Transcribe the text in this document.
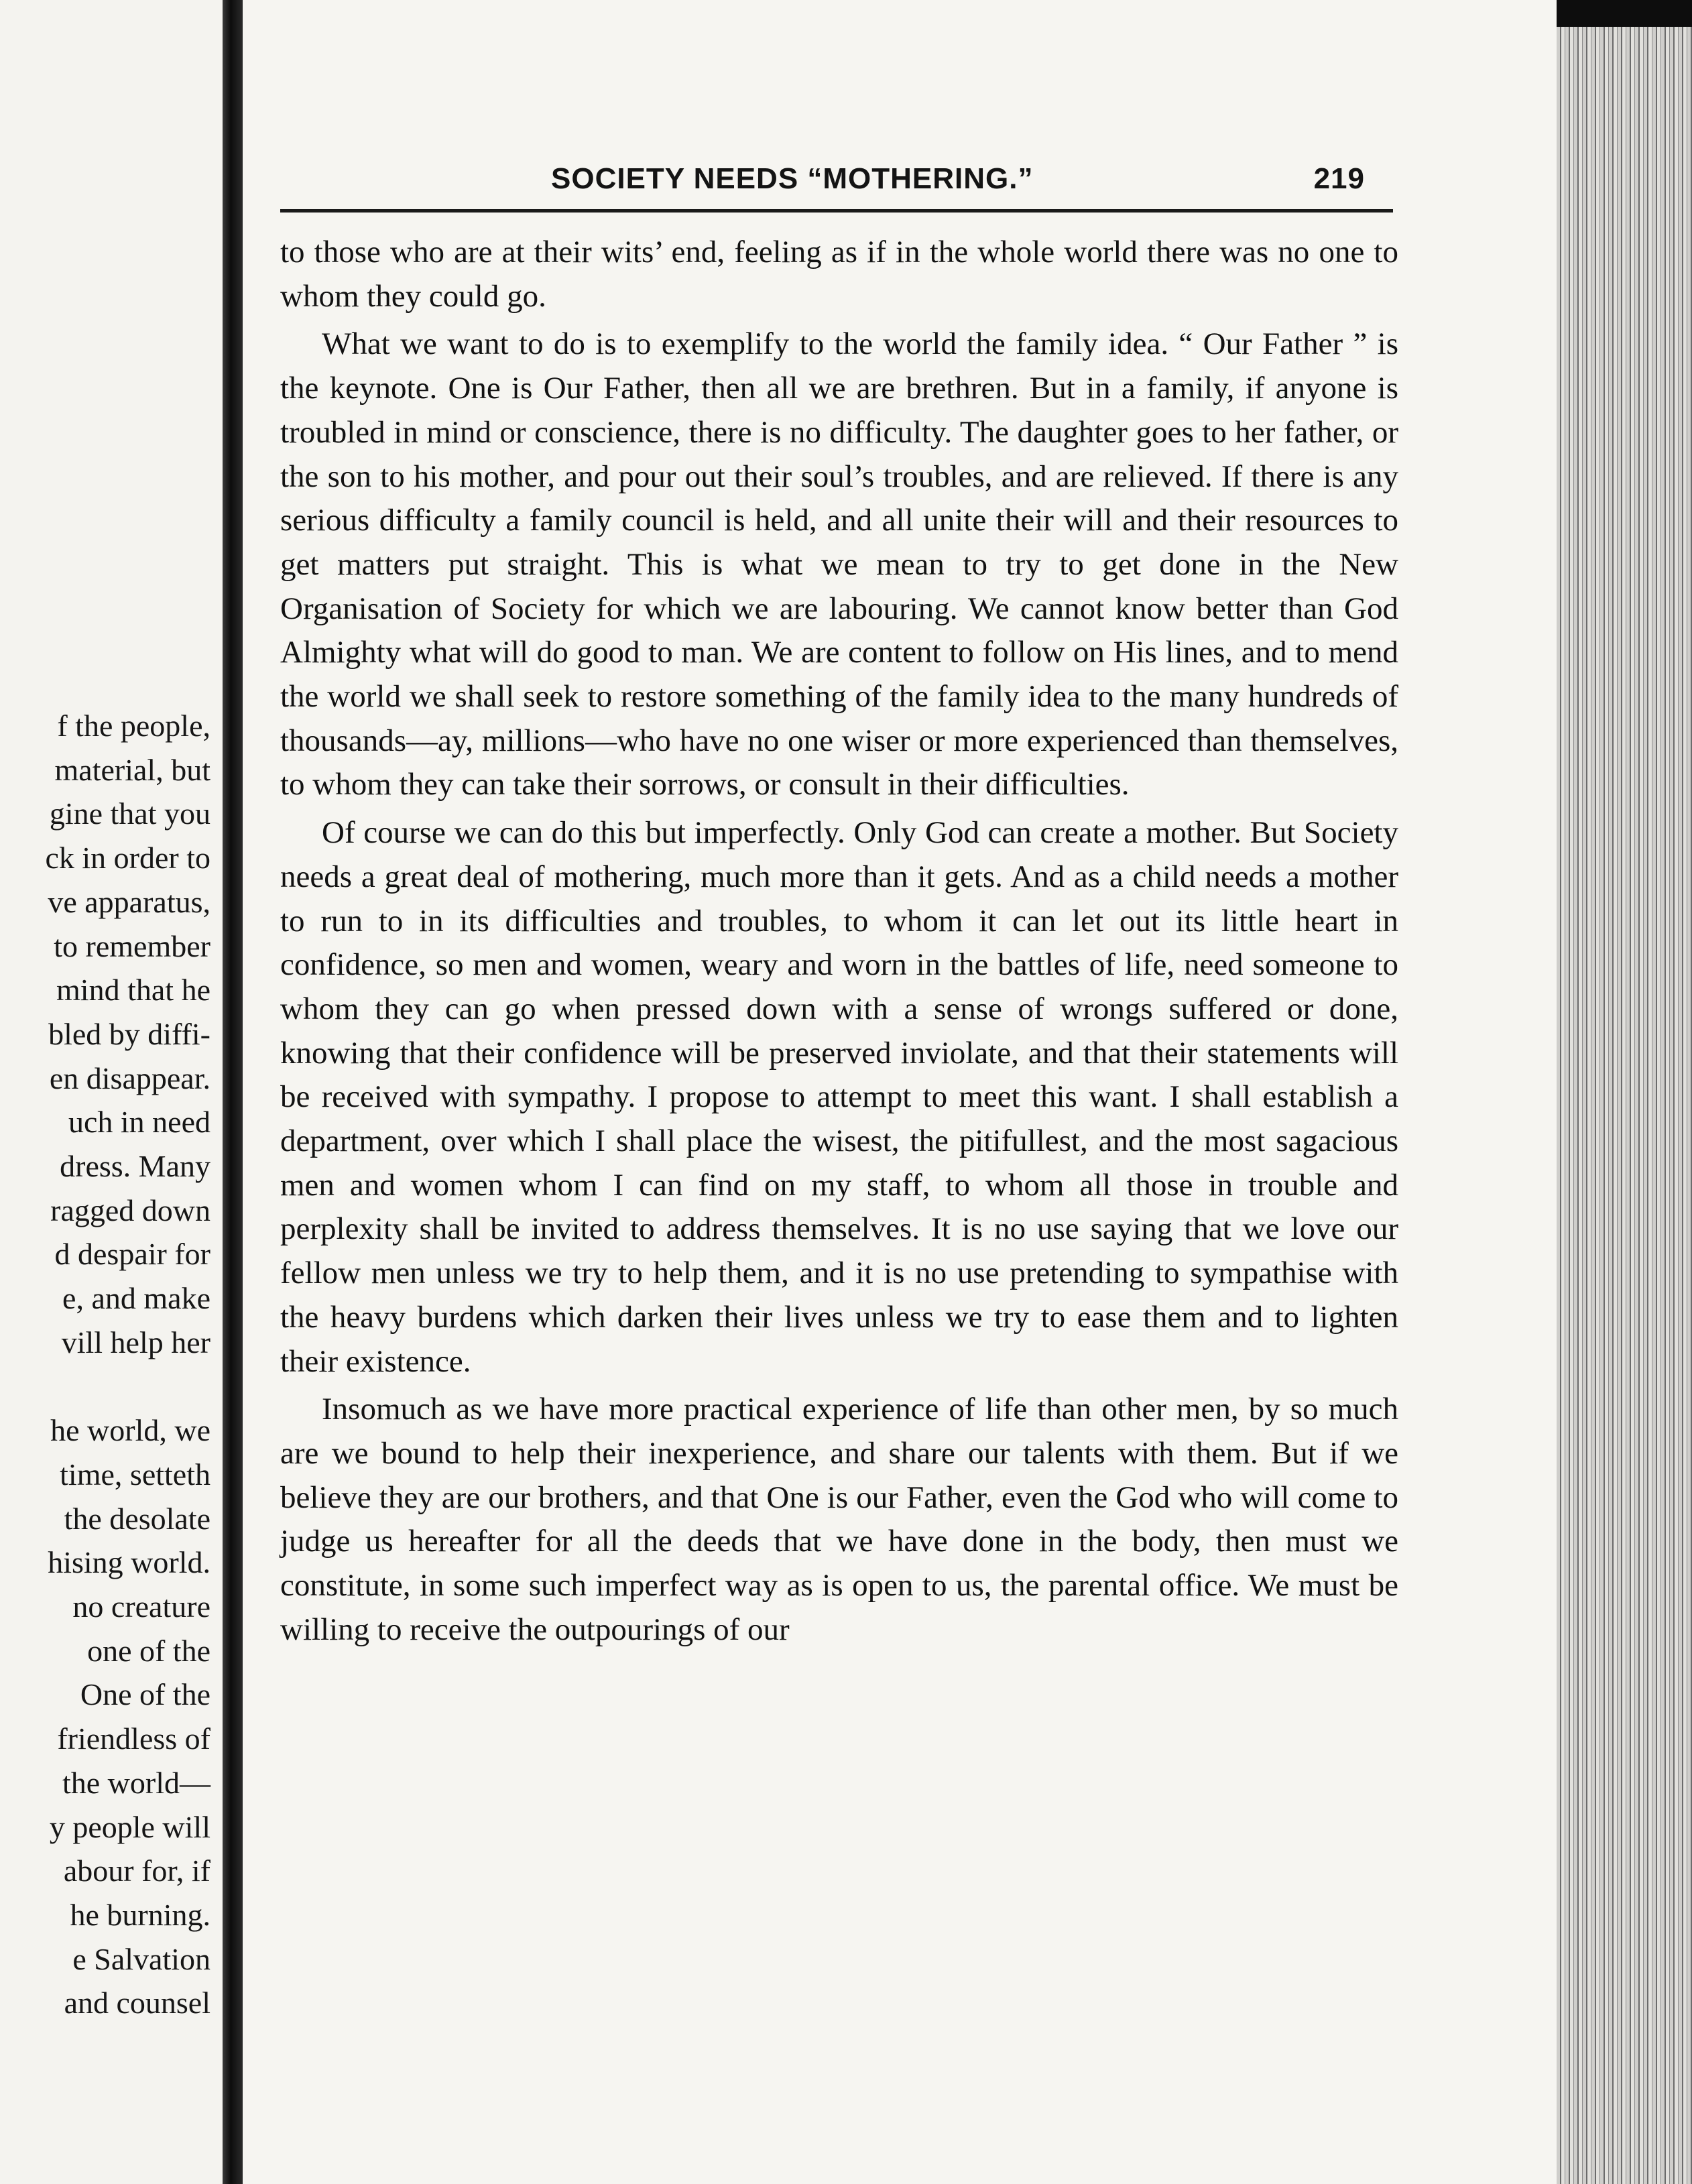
f the people,
material, but
gine that you
ck in order to
ve apparatus,
to remember
mind that he
bled by diffi-
en disappear.
uch in need
dress. Many
ragged down
d despair for
e, and make
vill help her
he world, we
time, setteth
the desolate
hising world.
no creature
one of the
One of the
friendless of
the world—
y people will
abour for, if
he burning.
e Salvation
and counsel
SOCIETY NEEDS “MOTHERING.”	219

to those who are at their wits’ end, feeling as if in the whole world there was no one to whom they could go.

What we want to do is to exemplify to the world the family idea. “ Our Father ” is the keynote. One is Our Father, then all we are brethren. But in a family, if anyone is troubled in mind or conscience, there is no difficulty. The daughter goes to her father, or the son to his mother, and pour out their soul’s troubles, and are relieved. If there is any serious difficulty a family council is held, and all unite their will and their resources to get matters put straight. This is what we mean to try to get done in the New Organisation of Society for which we are labouring. We cannot know better than God Almighty what will do good to man. We are content to follow on His lines, and to mend the world we shall seek to restore something of the family idea to the many hundreds of thousands—ay, millions—who have no one wiser or more experienced than themselves, to whom they can take their sorrows, or consult in their difficulties.

Of course we can do this but imperfectly. Only God can create a mother. But Society needs a great deal of mothering, much more than it gets. And as a child needs a mother to run to in its difficulties and troubles, to whom it can let out its little heart in confidence, so men and women, weary and worn in the battles of life, need someone to whom they can go when pressed down with a sense of wrongs suffered or done, knowing that their confidence will be preserved inviolate, and that their statements will be received with sympathy. I propose to attempt to meet this want. I shall establish a department, over which I shall place the wisest, the pitifullest, and the most sagacious men and women whom I can find on my staff, to whom all those in trouble and perplexity shall be invited to address themselves. It is no use saying that we love our fellow men unless we try to help them, and it is no use pretending to sympathise with the heavy burdens which darken their lives unless we try to ease them and to lighten their existence.

Insomuch as we have more practical experience of life than other men, by so much are we bound to help their inexperience, and share our talents with them. But if we believe they are our brothers, and that One is our Father, even the God who will come to judge us hereafter for all the deeds that we have done in the body, then must we constitute, in some such imperfect way as is open to us, the parental office. We must be willing to receive the outpourings of our
